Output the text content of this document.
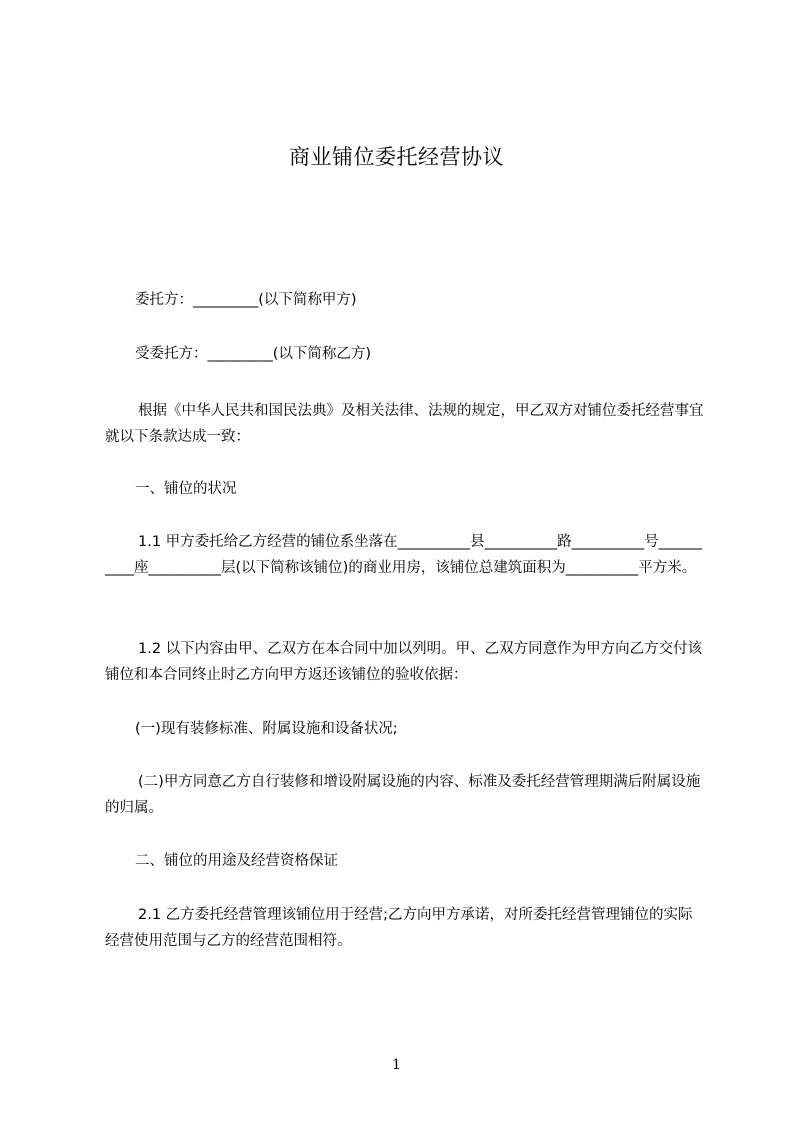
商业铺位委托经营协议
委托方：_________(以下简称甲方)
受委托方：_________(以下简称乙方)
根据《中华人民共和国民法典》及相关法律、法规的规定，甲乙双方对铺位委托经营事宜就以下条款达成一致：
一、铺位的状况
1.1 甲方委托给乙方经营的铺位系坐落在__________县__________路__________号__________座__________层(以下简称该铺位)的商业用房，该铺位总建筑面积为__________平方米。
1.2 以下内容由甲、乙双方在本合同中加以列明。甲、乙双方同意作为甲方向乙方交付该铺位和本合同终止时乙方向甲方返还该铺位的验收依据：
(一)现有装修标准、附属设施和设备状况;
(二)甲方同意乙方自行装修和增设附属设施的内容、标准及委托经营管理期满后附属设施的归属。
二、铺位的用途及经营资格保证
2.1 乙方委托经营管理该铺位用于经营;乙方向甲方承诺，对所委托经营管理铺位的实际经营使用范围与乙方的经营范围相符。
1
